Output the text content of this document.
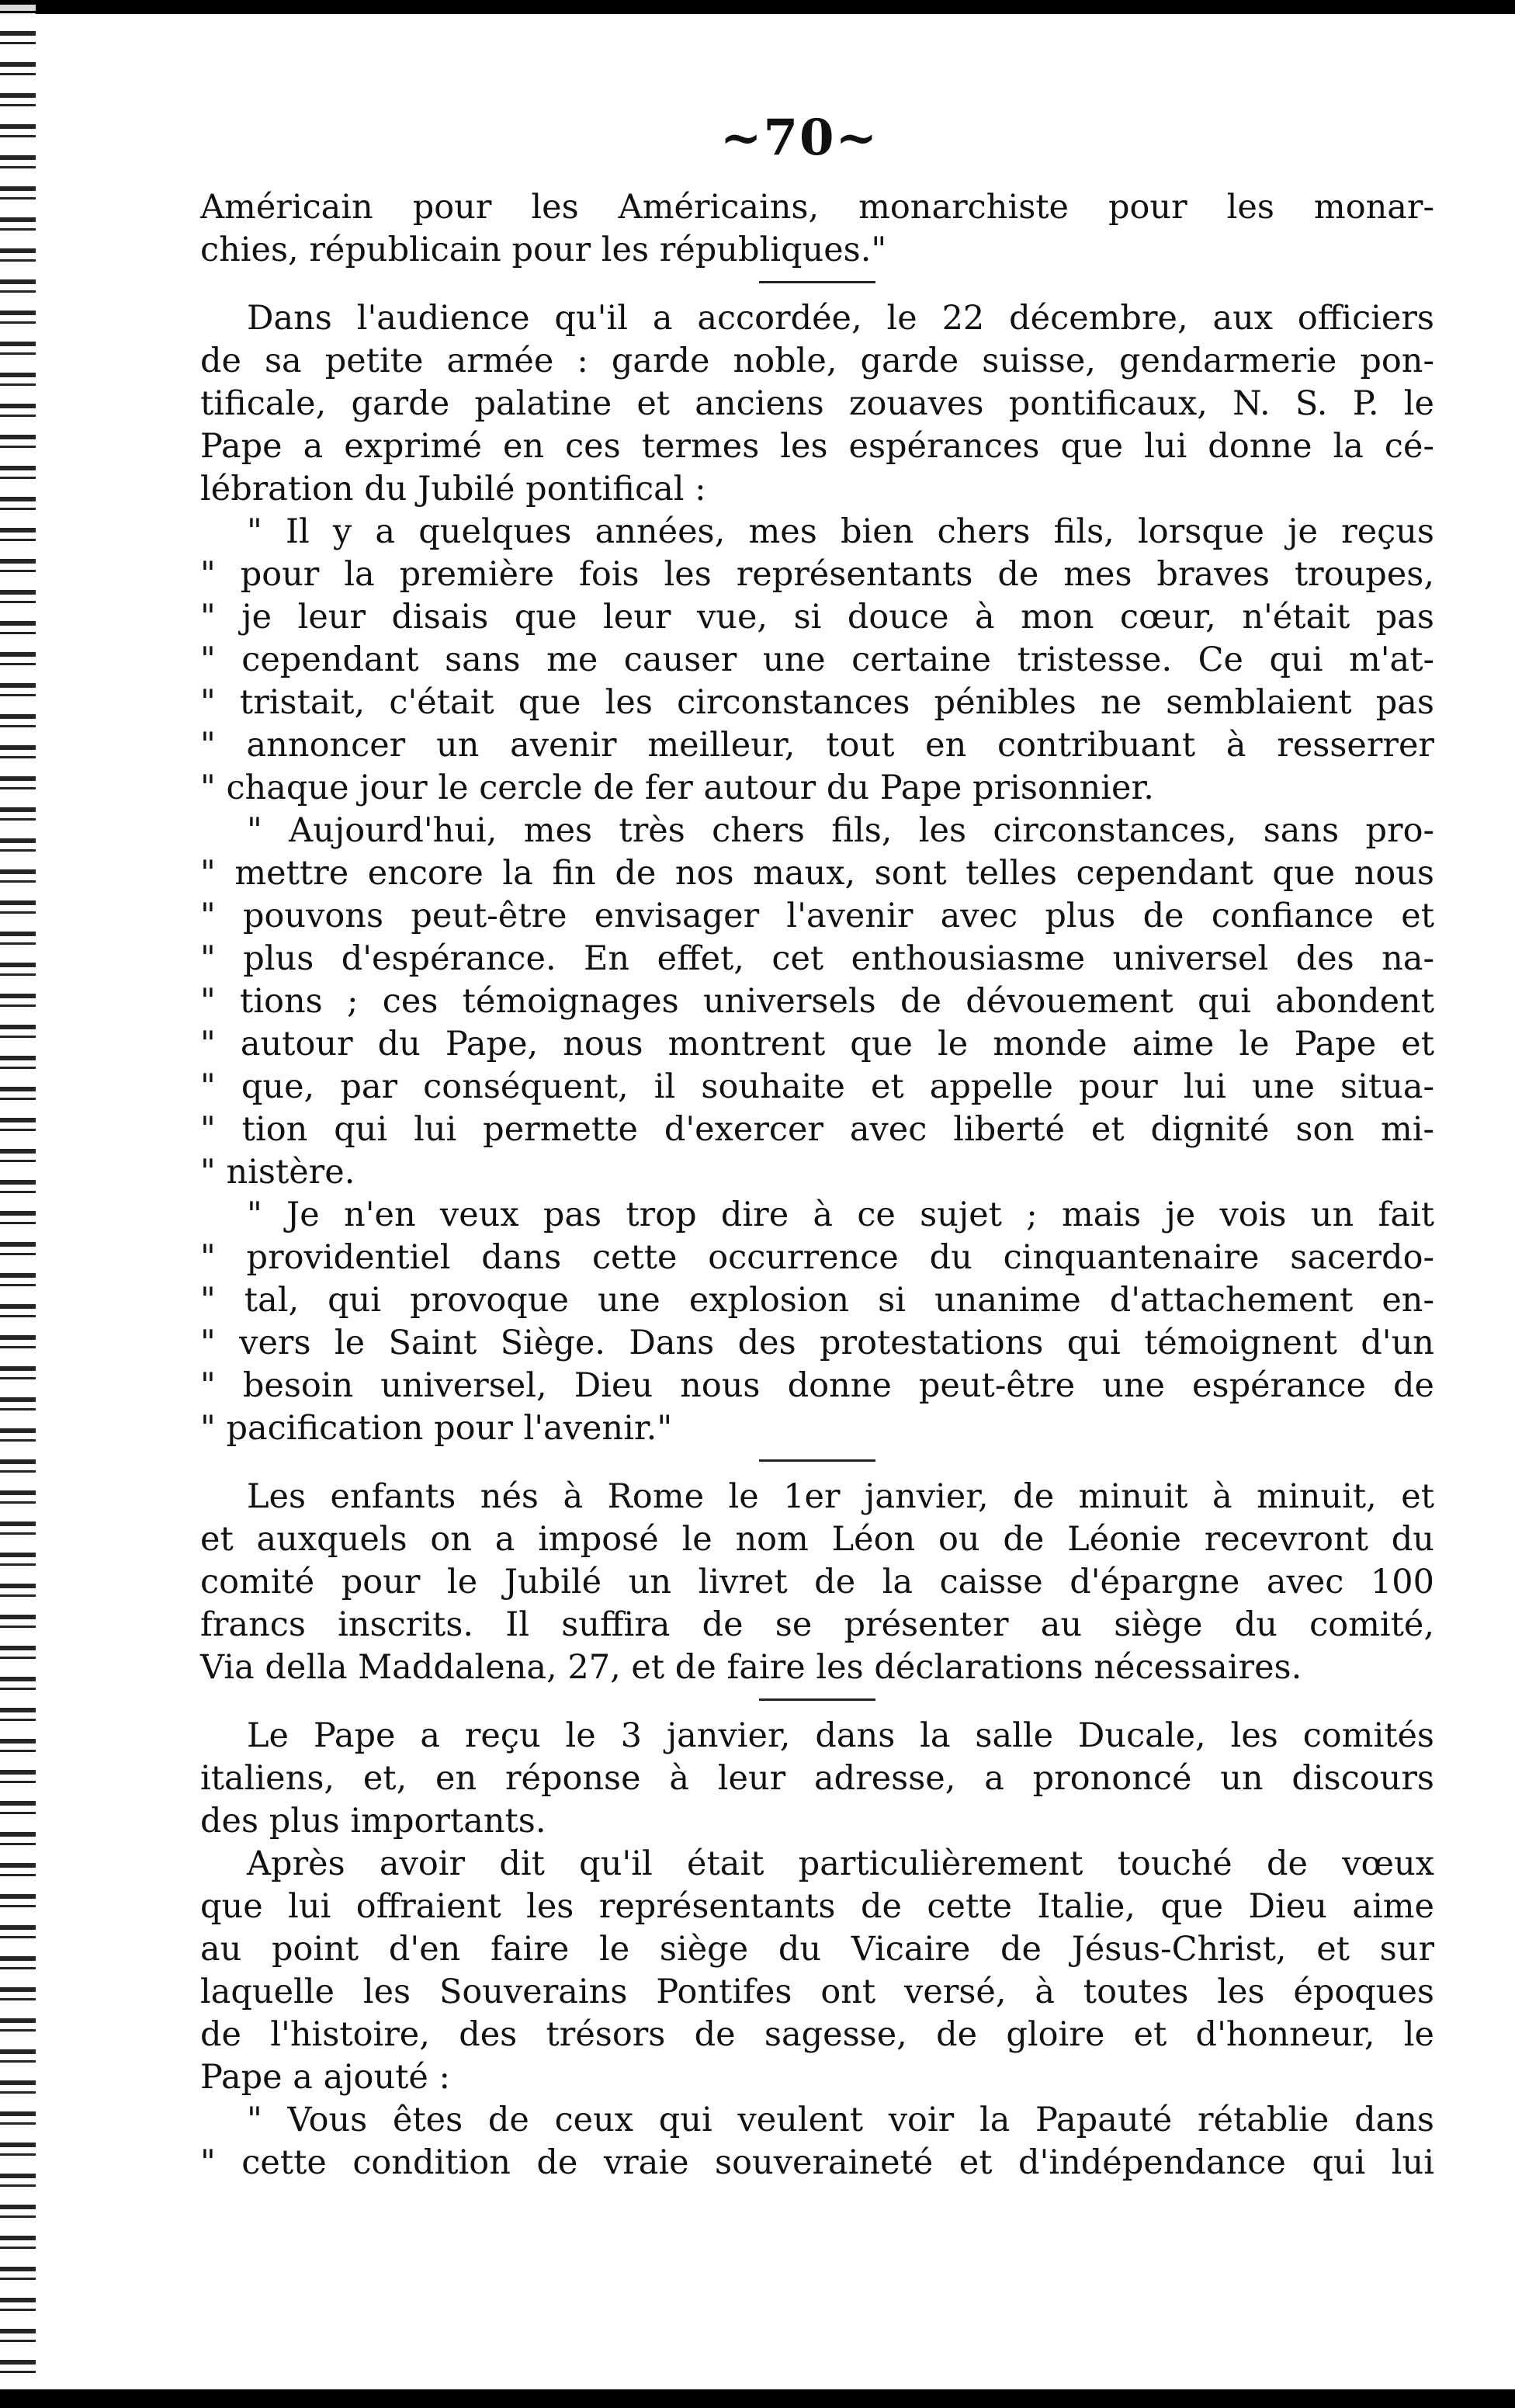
~70~
Américain pour les Américains, monarchiste pour les monar-
chies, républicain pour les républiques."
Dans l'audience qu'il a accordée, le 22 décembre, aux officiers
de sa petite armée : garde noble, garde suisse, gendarmerie pon-
tificale, garde palatine et anciens zouaves pontificaux, N. S. P. le
Pape a exprimé en ces termes les espérances que lui donne la cé-
lébration du Jubilé pontifical :
" Il y a quelques années, mes bien chers fils, lorsque je reçus
" pour la première fois les représentants de mes braves troupes,
" je leur disais que leur vue, si douce à mon cœur, n'était pas
" cependant sans me causer une certaine tristesse. Ce qui m'at-
" tristait, c'était que les circonstances pénibles ne semblaient pas
" annoncer un avenir meilleur, tout en contribuant à resserrer
" chaque jour le cercle de fer autour du Pape prisonnier.
" Aujourd'hui, mes très chers fils, les circonstances, sans pro-
" mettre encore la fin de nos maux, sont telles cependant que nous
" pouvons peut-être envisager l'avenir avec plus de confiance et
" plus d'espérance. En effet, cet enthousiasme universel des na-
" tions ; ces témoignages universels de dévouement qui abondent
" autour du Pape, nous montrent que le monde aime le Pape et
" que, par conséquent, il souhaite et appelle pour lui une situa-
" tion qui lui permette d'exercer avec liberté et dignité son mi-
" nistère.
" Je n'en veux pas trop dire à ce sujet ; mais je vois un fait
" providentiel dans cette occurrence du cinquantenaire sacerdo-
" tal, qui provoque une explosion si unanime d'attachement en-
" vers le Saint Siège. Dans des protestations qui témoignent d'un
" besoin universel, Dieu nous donne peut-être une espérance de
" pacification pour l'avenir."
Les enfants nés à Rome le 1er janvier, de minuit à minuit, et
et auxquels on a imposé le nom Léon ou de Léonie recevront du
comité pour le Jubilé un livret de la caisse d'épargne avec 100
francs inscrits. Il suffira de se présenter au siège du comité,
Via della Maddalena, 27, et de faire les déclarations nécessaires.
Le Pape a reçu le 3 janvier, dans la salle Ducale, les comités
italiens, et, en réponse à leur adresse, a prononcé un discours
des plus importants.
Après avoir dit qu'il était particulièrement touché de vœux
que lui offraient les représentants de cette Italie, que Dieu aime
au point d'en faire le siège du Vicaire de Jésus-Christ, et sur
laquelle les Souverains Pontifes ont versé, à toutes les époques
de l'histoire, des trésors de sagesse, de gloire et d'honneur, le
Pape a ajouté :
" Vous êtes de ceux qui veulent voir la Papauté rétablie dans
" cette condition de vraie souveraineté et d'indépendance qui lui
